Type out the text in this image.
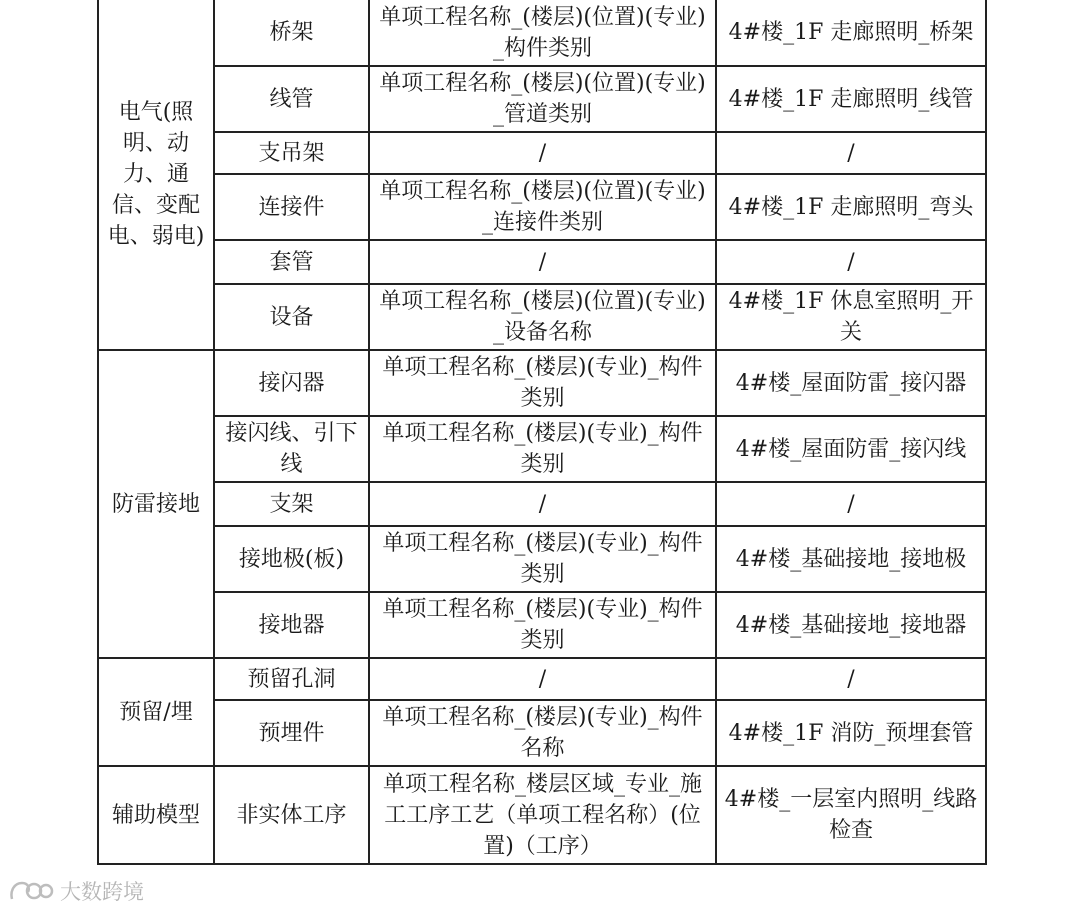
电气(照明、动力、通信、变配电、弱电)	桥架	单项工程名称_(楼层)(位置)(专业)_构件类别	4#楼_1F 走廊照明_桥架

	线管	单项工程名称_(楼层)(位置)(专业)_管道类别	4#楼_1F 走廊照明_线管

	支吊架	/	/
	连接件	单项工程名称_(楼层)(位置)(专业)_连接件类别	4#楼_1F 走廊照明_弯头

	套管	/	/
	设备	单项工程名称_(楼层)(位置)(专业)_设备名称	4#楼_1F 休息室照明_开关

防雷接地	接闪器	单项工程名称_(楼层)(专业)_构件类别	4#楼_屋面防雷_接闪器

	接闪线、引下线	单项工程名称_(楼层)(专业)_构件类别	4#楼_屋面防雷_接闪线

	支架	/	/
	接地极(板)	单项工程名称_(楼层)(专业)_构件类别	4#楼_基础接地_接地极

	接地器	单项工程名称_(楼层)(专业)_构件类别	4#楼_基础接地_接地器

预留/埋	预留孔洞	/	/
	预埋件	单项工程名称_(楼层)(专业)_构件名称	4#楼_1F 消防_预埋套管

辅助模型	非实体工序	单项工程名称_楼层区域_专业_施工工序工艺（单项工程名称）(位置)（工序）	4#楼_一层室内照明_线路检查
大数跨境
